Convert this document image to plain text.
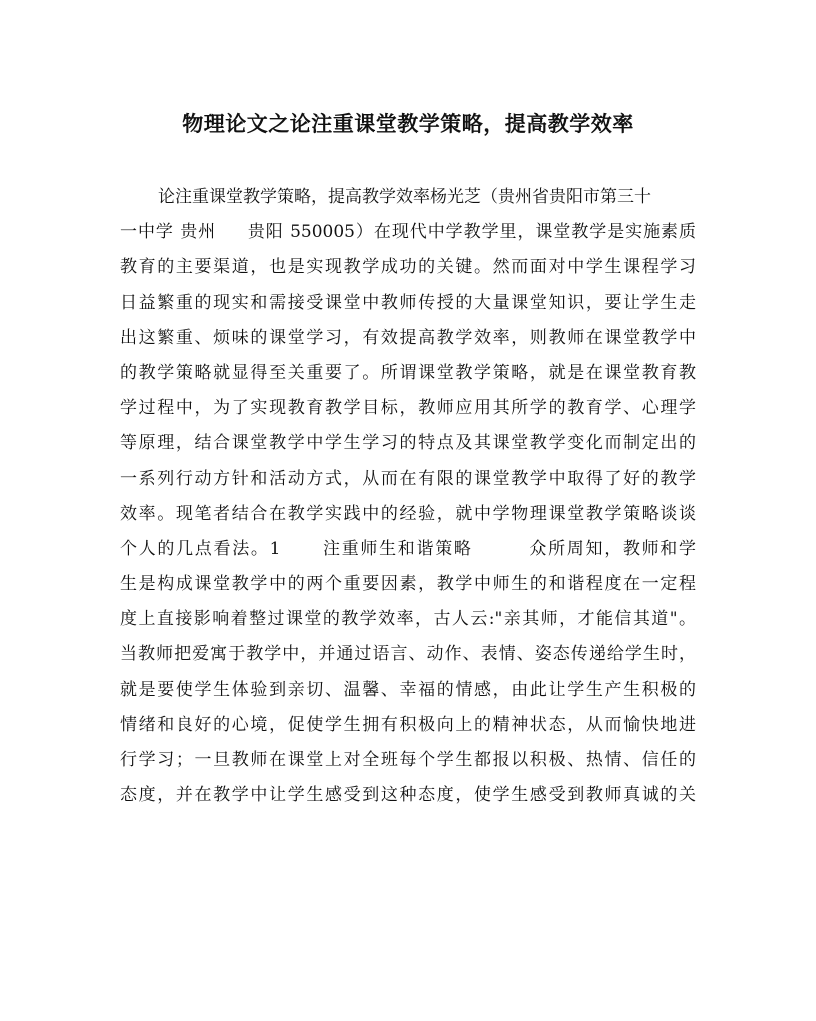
物理论文之论注重课堂教学策略，提高教学效率
论注重课堂教学策略，提高教学效率杨光芝（贵州省贵阳市第三十
一中学 贵州     贵阳 550005）在现代中学教学里，课堂教学是实施素质
教育的主要渠道，也是实现教学成功的关键。然而面对中学生课程学习
日益繁重的现实和需接受课堂中教师传授的大量课堂知识，要让学生走
出这繁重、烦味的课堂学习，有效提高教学效率，则教师在课堂教学中
的教学策略就显得至关重要了。所谓课堂教学策略，就是在课堂教育教
学过程中，为了实现教育教学目标，教师应用其所学的教育学、心理学
等原理，结合课堂教学中学生学习的特点及其课堂教学变化而制定出的
一系列行动方针和活动方式，从而在有限的课堂教学中取得了好的教学
效率。现笔者结合在教学实践中的经验，就中学物理课堂教学策略谈谈
个人的几点看法。1      注重师生和谐策略        众所周知，教师和学
生是构成课堂教学中的两个重要因素，教学中师生的和谐程度在一定程
度上直接影响着整过课堂的教学效率，古人云:"亲其师，才能信其道"。
当教师把爱寓于教学中，并通过语言、动作、表情、姿态传递给学生时，
就是要使学生体验到亲切、温馨、幸福的情感，由此让学生产生积极的
情绪和良好的心境，促使学生拥有积极向上的精神状态，从而愉快地进
行学习；一旦教师在课堂上对全班每个学生都报以积极、热情、信任的
态度，并在教学中让学生感受到这种态度，使学生感受到教师真诚的关
